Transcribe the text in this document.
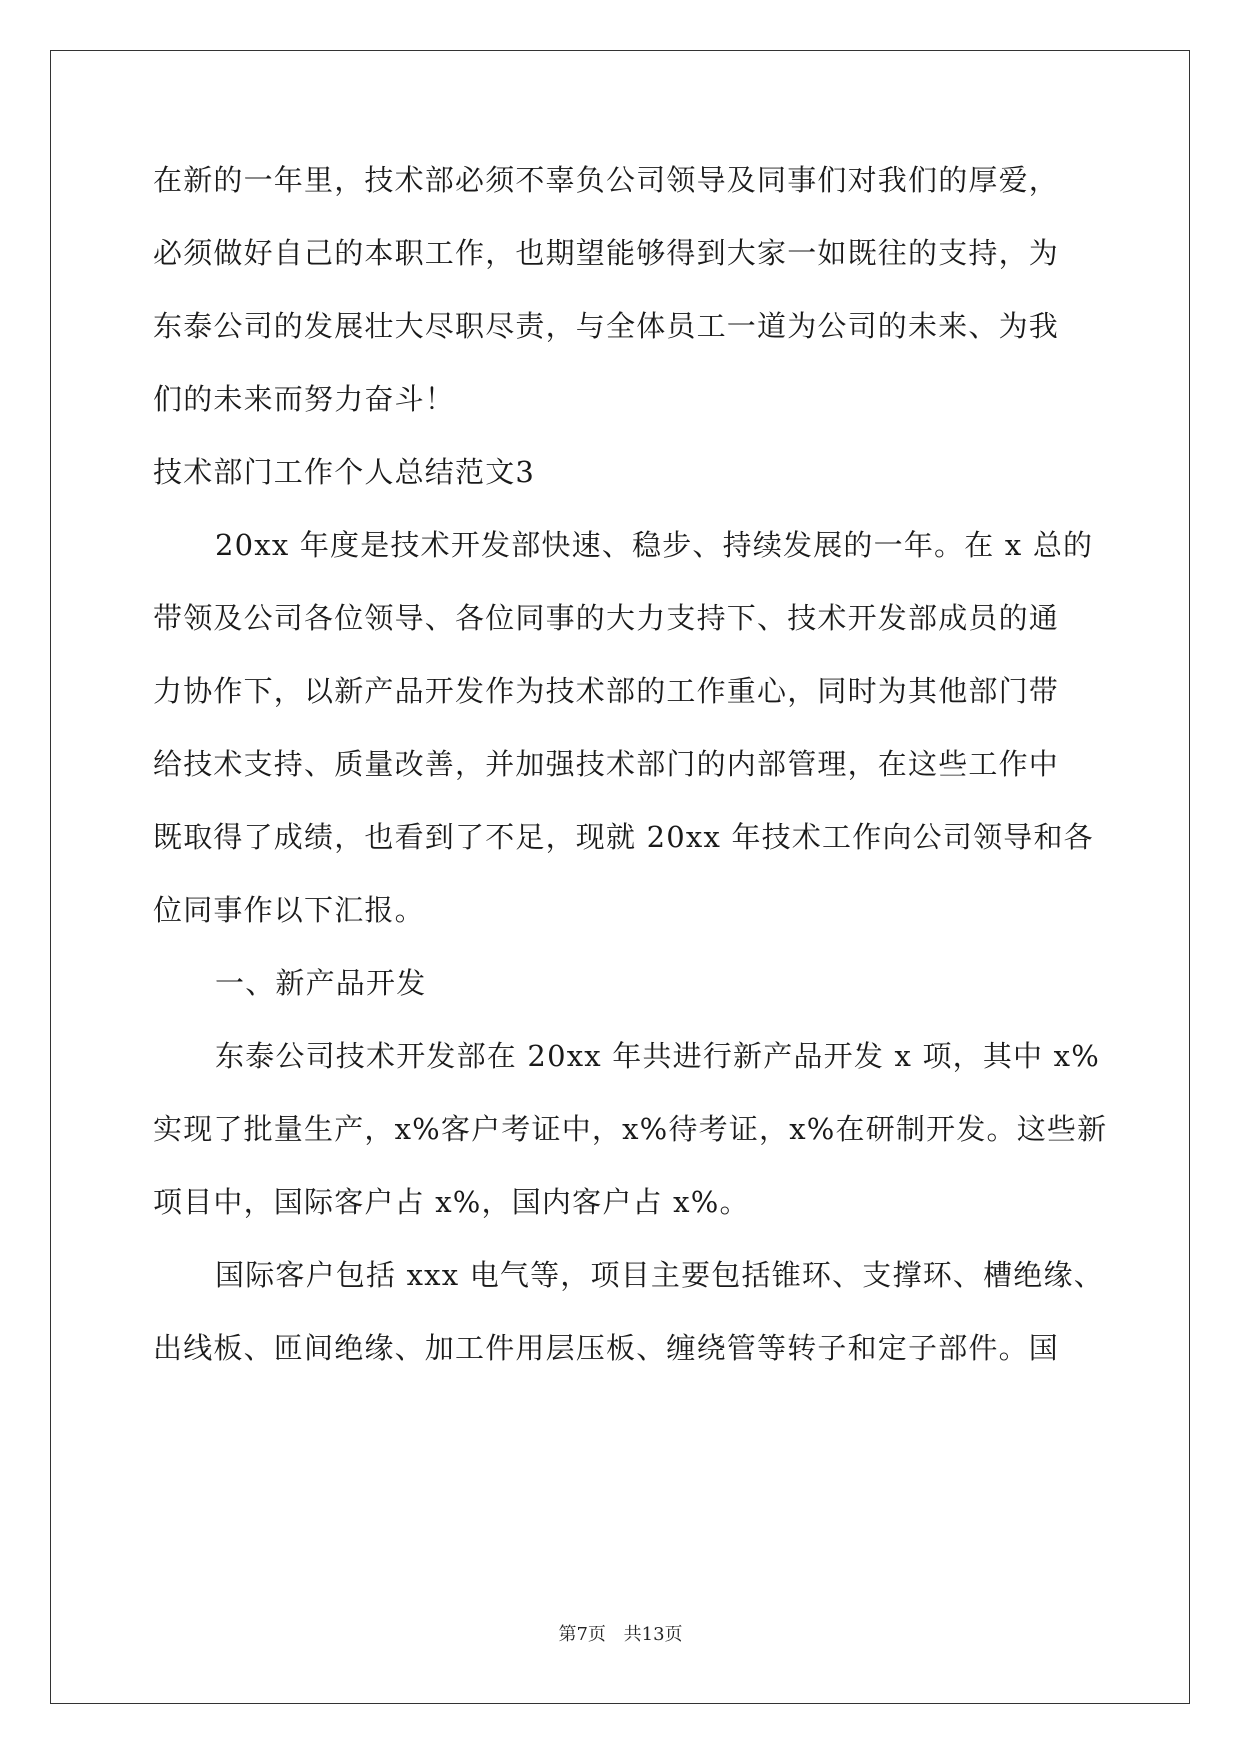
在新的一年里，技术部必须不辜负公司领导及同事们对我们的厚爱，
必须做好自己的本职工作，也期望能够得到大家一如既往的支持，为
东泰公司的发展壮大尽职尽责，与全体员工一道为公司的未来、为我
们的未来而努力奋斗！
技术部门工作个人总结范文3
20xx 年度是技术开发部快速、稳步、持续发展的一年。在 x 总的
带领及公司各位领导、各位同事的大力支持下、技术开发部成员的通
力协作下，以新产品开发作为技术部的工作重心，同时为其他部门带
给技术支持、质量改善，并加强技术部门的内部管理，在这些工作中
既取得了成绩，也看到了不足，现就 20xx 年技术工作向公司领导和各
位同事作以下汇报。
一、新产品开发
东泰公司技术开发部在 20xx 年共进行新产品开发 x 项，其中 x%
实现了批量生产，x%客户考证中，x%待考证，x%在研制开发。这些新
项目中，国际客户占 x%，国内客户占 x%。
国际客户包括 xxx 电气等，项目主要包括锥环、支撑环、槽绝缘、
出线板、匝间绝缘、加工件用层压板、缠绕管等转子和定子部件。国
第7页 共13页
